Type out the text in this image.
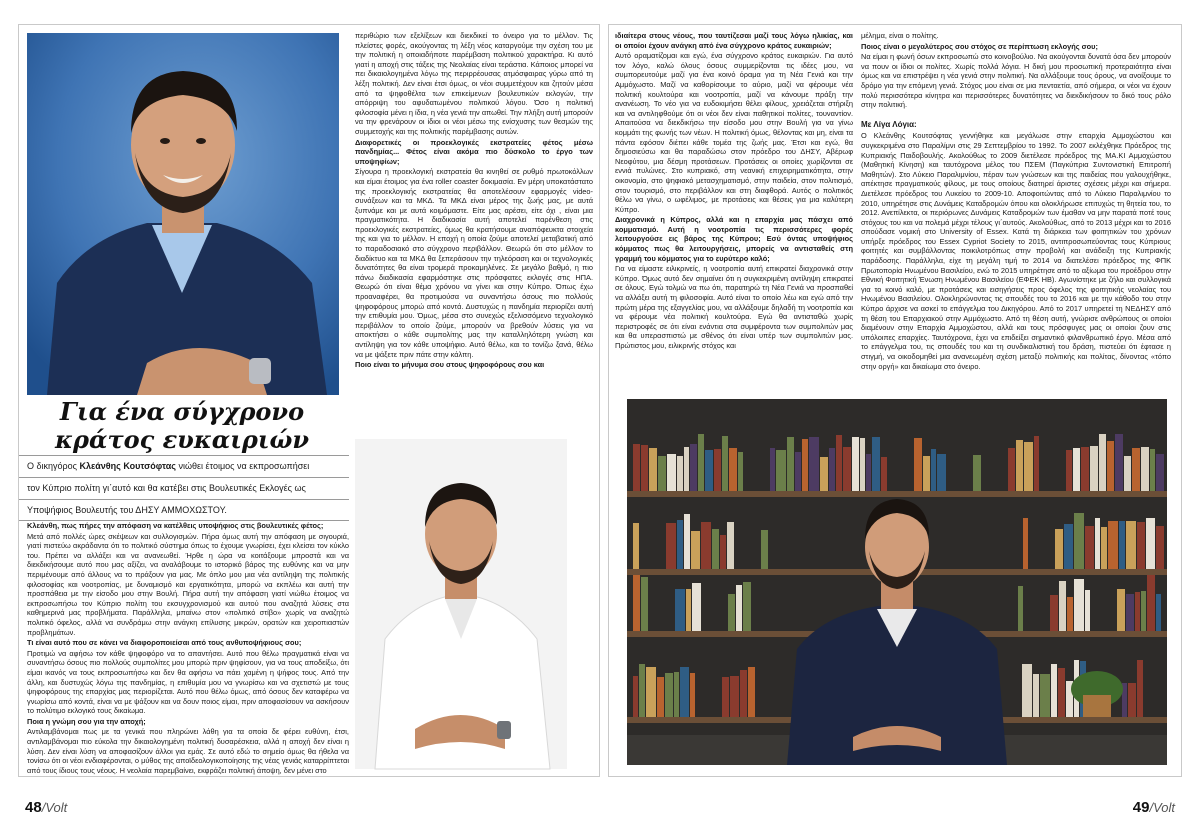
Για ένα σύγχρονο κράτος ευκαιριών
Ο δικηγόρος Κλεάνθης Κουτσόφτας νιώθει έτοιμος να εκπροσωπήσει
τον Κύπριο πολίτη γι΄αυτό και θα κατέβει στις Βουλευτικές Εκλογές ως
Υποψήφιος Βουλευτής του ΔΗΣΥ ΑΜΜΟΧΩΣΤΟΥ.

Κλεάνθη, πως πήρες την απόφαση να κατέλθεις υποψήφιος στις βουλευτικές φέτος;

Μετά από πολλές ώρες σκέψεων και συλλογισμών. Πήρα όμως αυτή την απόφαση με σιγουριά, γιατί πιστεύω ακράδαντα ότι το πολιτικό σύστημα όπως το έχουμε γνωρίσει, έχει κλείσει τον κύκλο του. Πρέπει να αλλάξει και να ανανεωθεί. Ήρθε η ώρα να κοιτάξουμε μπροστά και να διεκδικήσουμε αυτό που μας αξίζει, να αναλάβουμε το ιστορικό βάρος της ευθύνης και να μην περιμένουμε από άλλους να το πράξουν για μας. Με όπλο μου μια νέα αντίληψη της πολιτικής φιλοσοφίας και νοοτροπίας, με δυναμισμό και εργατικότητα, μπορώ να εκπλέω και αυτή την προσπάθεια με την είσοδο μου στην Βουλή. Πήρα αυτή την απόφαση γιατί νιώθω έτοιμος να εκπροσωπήσω τον Κύπριο πολίτη του εκσυγχρονισμού και αυτού που αναζητά λύσεις στα καθημερινά μας προβλήματα. Παράλληλα, μπαίνω στον «πολιτικό στίβο» χωρίς να αναζητώ πολιτικό όφελος, αλλά να συνδράμω στην ανάγκη επίλυσης μικρών, ορατών και χειροπιαστών προβλημάτων.

Τι είναι αυτό που σε κάνει να διαφοροποιείσαι από τους ανθυποψήφιους σου;

Προτιμώ να αφήσω τον κάθε ψηφοφόρο να το απαντήσει. Αυτό που θέλω πραγματικά είναι να συναντήσω όσους πιο πολλούς συμπολίτες μου μπορώ πριν ψηφίσουν, για να τους αποδείξω, ότι είμαι ικανός να τους εκπροσωπήσω και δεν θα αφήσω να πάει χαμένη η ψήφος τους. Από την άλλη, και δυστυχώς λόγω της πανδημίας, η επιθυμία μου να γνωρίσω και να σχετιστώ με τους ψηφοφόρους της επαρχίας μας περιορίζεται. Αυτό που θέλω όμως, από όσους δεν καταφέρω να γνωρίσω από κοντά, είναι να με ψάξουν και να δουν ποιος είμαι, πριν αποφασίσουν να ασκήσουν το πολύτιμο εκλογικό τους δικαίωμα.

Ποια η γνώμη σου για την αποχή;

Αντιλαμβάνομαι πως με τα γενικά που πληρώνει λάθη για τα οποία δε φέρει ευθύνη, έτσι, αντιλαμβάνομαι πιο εύκολα την δικαιολογημένη πολιτική δυσαρέσκεια, αλλά η αποχή δεν είναι η λύση. Δεν είναι λύση να αποφασίζουν άλλοι για εμάς. Σε αυτό εδώ το σημείο όμως θα ήθελα να τονίσω ότι οι νέοι ενδιαφέρονται, ο μύθος της αποϊδεολογικοποίησης της νέας γενιάς καταρρίπτεται από τους ίδιους τους νέους. Η νεολαία παρεμβαίνει, εκφράζει πολιτική άποψη, δεν μένει στο

περιθώριο των εξελίξεων και διεκδικεί το όνειρο για το μέλλον. Τις πλείστες φορές, ακούγοντας τη λέξη νέος καταργούμε την σχέση του με την πολιτική η οποιαδήποτε παρέμβαση πολιτικού χαρακτήρα. Κι αυτό γιατί η αποχή στις τάξεις της Νεολαίας είναι τεράστια. Κάποιος μπορεί να πει δικαιολογημένα λόγω της περιρρέουσας ατμόσφαιρας γύρω από τη λέξη πολιτική. Δεν είναι έτσι όμως, οι νέοι συμμετέχουν και ζητούν μέσα από τα ψηφοθέλτα των επικείμενων βουλευτικών εκλογών, την απόρριψη του αφυδατωμένου πολιτικού λόγου. Όσο η πολιτική φιλοσοφία μένει η ίδια, η νέα γενιά την απωθεί. Την πλήξη αυτή μπορούν να την φρενάρουν οι ίδιοι οι νέοι μέσω της ενίσχυσης των θεσμών της συμμετοχής και της πολιτικής παρέμβασης αυτών.

Διαφορετικές οι προεκλογικές εκστρατείες φέτος μέσω πανδημίας... Φέτος είναι ακόμα πιο δύσκολο το έργο των υποψηφίων;

Σίγουρα η προεκλογική εκστρατεία θα κινηθεί σε ρυθμό πρωτοκόλλων και είμαι έτοιμος για ένα roller coaster δοκιμασία. Εν μέρη υποκατάστατο της προεκλογικής εκστρατείας θα αποτελέσουν εφαρμογές video-συνάξεων και τα ΜΚΔ. Τα ΜΚΔ είναι μέρος της ζωής μας, με αυτά ξυπνάμε και με αυτά κοιμόμαστε. Είτε μας αρέσει, είτε όχι , είναι μια πραγματικότητα. Η διαδικασία αυτή αποτελεί παρένθεση στις προεκλογικές εκστρατείες, όμως θα κρατήσουμε αναπόφευκτα στοιχεία της και για το μέλλον. Η εποχή η οποία ζούμε αποτελεί μεταβατική από το παραδοσιακό στο σύγχρονο περιβάλλον. Θεωρώ ότι στο μέλλον το διαδίκτυο και τα ΜΚΔ θα ξεπεράσουν την τηλεόραση και οι τεχνολογικές δυνατότητες θα είναι τρομερά προκαμηλένες. Σε μεγάλο βαθμό, η πιο πάνω διαδικασία εφαρμόστηκε στις πρόσφατες εκλογές στις ΗΠΑ. Θεωρώ ότι είναι θέμα χρόνου να γίνει και στην Κύπρο. Όπως έχω προαναφέρει, θα προτιμούσα να συναντήσω όσους πιο πολλούς ψηφοφόρους μπορώ από κοντά. Δυστυχώς η πανδημία περιορίζει αυτή την επιθυμία μου. Όμως, μέσα στο συνεχώς εξελισσόμενο τεχνολογικό περιβάλλον το οποίο ζούμε, μπορούν να βρεθούν λύσεις για να αποκτήσει ο κάθε συμπολίτης μας την καταλληλότερη γνώση και αντίληψη για τον κάθε υποψήφιο. Αυτό θέλω, και το τονίζω ξανά, θέλω να με ψάξετε πριν πάτε στην κάλπη.

Ποιο είναι το μήνυμα σου στους ψηφοφόρους σου και

48/Volt

ιδιαίτερα στους νέους, που ταυτίζεσαι μαζί τους λόγω ηλικίας, και οι οποίοι έχουν ανάγκη από ένα σύγχρονο κράτος ευκαιριών;

Αυτό οραματίζομαι και εγώ, ένα σύγχρονο κράτος ευκαιριών. Για αυτό τον λόγο, καλώ όλους όσους συμμερίζονται τις ιδέες μου, να συμπορευτούμε μαζί για ένα κοινό όραμα για τη Νέα Γενιά και την Αμμόχωστο. Μαζί να καθορίσουμε το αύριο, μαζί να φέρουμε νέα πολιτική κουλτούρα και νοοτροπία, μαζί να κάνουμε πράξη την ανανέωση. Το νέο για να ευδοκιμήσει θέλει φίλους, χρειάζεται στήριξη και να αντιληφθούμε ότι οι νέοι δεν είναι παθητικοί πολίτες, τουναντίον. Απαιτούσα να διεκδικήσω την είσοδο μου στην Βουλή για να γίνω κομμάτι της φωνής των νέων. Η πολιτική όμως, θέλοντας και μη, είναι τα πάντα εφόσον διέπει κάθε τομέα της ζωής μας. Έτσι και εγώ, θα δημοσιεύσω και θα παραδώσω στον πρόεδρο του ΔΗΣΥ, Αβέρωφ Νεοφύτου, μια δέσμη προτάσεων. Προτάσεις οι οποίες χωρίζονται σε εννιά πυλώνες. Στο κυπριακό, στη νεανική επιχειρηματικότητα, στην οικονομία, στο ψηφιακό μετασχηματισμό, στην παιδεία, στον πολιτισμό, στον τουρισμό, στο περιβάλλον και στη διαφθορά. Αυτός ο πολιτικός θέλω να γίνω, ο ωφέλιμος, με προτάσεις και θέσεις για μια καλύτερη Κύπρο.

Διαχρονικά η Κύπρος, αλλά και η επαρχία μας πάσχει από κομματισμό. Αυτή η νοοτροπία τις περισσότερες φορές λειτουργούσε εις βάρος της Κύπρου; Εσύ όντας υποψήφιος κόμματος πως θα λειτουργήσεις, μπορείς να αντισταθείς στη γραμμή του κόμματος για το ευρύτερο καλό;

Για να είμαστε ειλικρινείς, η νοοτροπία αυτή επικρατεί διαχρονικά στην Κύπρο. Όμως αυτό δεν σημαίνει ότι η συγκεκριμένη αντίληψη επικρατεί σε όλους. Εγώ τολμώ να πω ότι, παρατηρώ τη Νέα Γενιά να προσπαθεί να αλλάξει αυτή τη φιλοσοφία. Αυτό είναι το οποίο λέω και εγώ από την πρώτη μέρα της εξαγγελίας μου, να αλλάξουμε δηλαδή τη νοοτροπία και να φέρουμε νέα πολιτική κουλτούρα. Εγώ θα αντισταθώ χωρίς περιστροφές σε ότι είναι ενάντια στα συμφέροντα των συμπολιτών μας και θα υπερασπιστώ με σθένος ότι είναι υπέρ των συμπολιτών μας. Πρώτιστος μου, ειλικρινής στόχος και

μέλημα, είναι ο πολίτης.

Ποιος είναι ο μεγαλύτερος σου στόχος σε περίπτωση εκλογής σου;

Να είμαι η φωνή όσων εκπροσωπώ στο κοινοβούλιο. Να ακούγονται δυνατά όσα δεν μπορούν να πουν οι ίδιοι οι πολίτες. Χωρίς πολλά λόγια. Η δική μου προσωπική προτεραιότητα είναι όμως και να επιστρέψει η νέα γενιά στην πολιτική. Να αλλάξουμε τους όρους, να ανοίξουμε το δρόμο για την επόμενη γενιά. Στόχος μου είναι σε μια πενταετία, από σήμερα, οι νέοι να έχουν πολύ περισσότερα κίνητρα και περισσότερες δυνατότητες να διεκδικήσουν το δικό τους ρόλο στην πολιτική.

Με Λίγα Λόγια:

Ο Κλεάνθης Κουτσόφτας γεννήθηκε και μεγάλωσε στην επαρχία Αμμοχώστου και συγκεκριμένα στο Παραλίμνι στις 29 Σεπτεμβρίου το 1992. Το 2007 εκλέχθηκε Πρόεδρος της Κυπριακής Παιδοβουλής. Ακολούθως το 2009 διετέλεσε πρόεδρος της ΜΑ.ΚΙ Αμμοχώστου (Μαθητική Κίνηση) και ταυτόχρονα μέλος του ΠΣΕΜ (Παγκύπρια Συντονιστική Επιτροπή Μαθητών). Στο Λύκειο Παραλιμνίου, πέραν των γνώσεων και της παιδείας που γαλουχήθηκε, απέκτησε πραγματικούς φίλους, με τους οποίους διατηρεί άριστες σχέσεις μέχρι και σήμερα. Διετέλεσε πρόεδρος του Λυκείου το 2009-10. Αποφοιτώντας από το Λύκειο Παραλιμνίου το 2010, υπηρέτησε στις Δυνάμεις Καταδρομών όπου και ολοκλήρωσε επιτυχώς τη θητεία του, το 2012. Ανεπίλεκτα, οι περιόρωνες Δυνάμεις Καταδρομών των έμαθαν να μην παρατά ποτέ τους στόχους του και να πολεμά μέχρι τέλους γι΄αυτούς. Ακολούθως, από το 2013 μέχρι και το 2016 σπούδασε νομική στο University of Essex. Κατά τη διάρκεια των φοιτητικών του χρόνων υπήρξε πρόεδρος του Essex Cypriot Society το 2015, αντιπροσωπεύοντας τους Κύπριους φοιτητές και συμβάλλοντας ποικιλοτρόπως στην προβολή και ανάδειξη της Κυπριακής παράδοσης. Παράλληλα, είχε τη μεγάλη τιμή το 2014 να διατελέσει πρόεδρος της ΦΠΚ Πρωτοπορία Ηνωμένου Βασιλείου, ενώ το 2015 υπηρέτησε από το αξίωμα του προέδρου στην Εθνική Φοιτητική Ένωση Ηνωμένου Βασιλείου (ΕΦΕΚ ΗΒ). Αγωνίστηκε με ζήλο και συλλογικά για το κοινό καλό, με προτάσεις και εισηγήσεις προς όφελος της φοιτητικής νεολαίας του Ηνωμένου Βασιλείου. Ολοκληρώνοντας τις σπουδές του το 2016 και με την κάθοδο του στην Κύπρο άρχισε να ασκεί το επάγγελμα του Δικηγόρου. Από το 2017 υπηρετεί τη ΝΕΔΗΣΥ από τη θέση του Επαρχιακού στην Αμμόχωστο. Από τη θέση αυτή, γνώρισε ανθρώπους οι οποίοι διαμένουν στην Επαρχία Αμμοχώστου, αλλά και τους πρόσφυγες μας οι οποίοι ζουν στις υπόλοιπες επαρχίες. Ταυτόχρονα, έχει να επιδείξει σημαντικό φιλανθρωπικό έργο. Μέσα από το επάγγελμα του, τις σπουδές του και τη συνδικαλιστική του δράση, πιστεύει ότι έφτασε η στιγμή, να οικοδομηθεί μια ανανεωμένη σχέση μεταξύ πολιτικής και πολίτας, δίνοντας «τόπο στην οργή» και δικαίωμα στο όνειρο.

49/Volt
